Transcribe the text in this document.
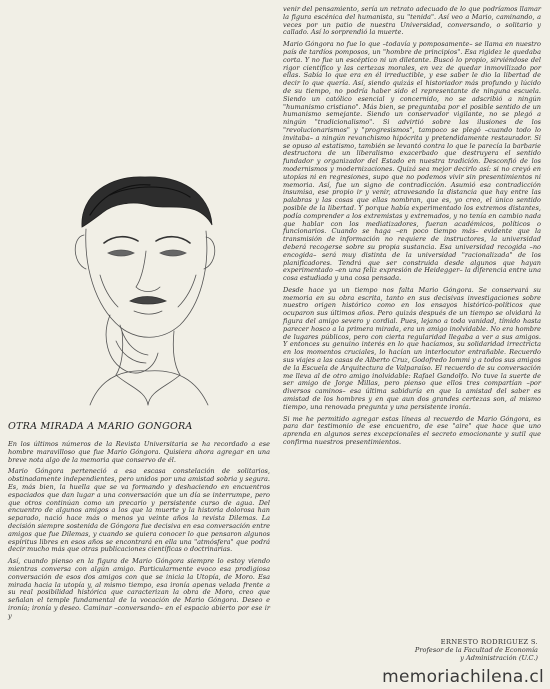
OTRA MIRADA A MARIO GONGORA

En los últimos números de la Revista Universitaria se ha recordado a ese hombre maravilloso que fue Mario Góngora. Quisiera ahora agregar en una breve nota algo de la memoria que conservo de él.

Mario Góngora perteneció a esa escasa constelación de solitarios, obstinadamente independientes, pero unidos por una amistad sobria y segura. Es, más bien, la huella que se va formando y deshaciendo en encuentros espaciados que dan lugar a una conversación que un día se interrumpe, pero que otros continúan como un precario y persistente curso de agua. Del encuentro de algunos amigos a los que la muerte y la historia dolorosa han separado, nació hace más o menos ya veinte años la revista Dilemas. La decisión siempre sostenida de Góngora fue decisiva en esa conversación entre amigos que fue Dilemas, y cuando se quiera conocer lo que pensaron algunos espíritus libres en esos años se encontrará en ella una "atmósfera" que podrá decir mucho más que otras publicaciones científicas o doctrinarias.

Así, cuando pienso en la figura de Mario Góngora siempre lo estoy viendo mientras conversa con algún amigo. Particularmente evoco esa prodigiosa conversación de esos dos amigos con que se inicia la Utopía, de Moro. Esa mirada hacia la utopía y, al mismo tiempo, esa ironía apenas velada frente a su real posibilidad histórica que caracterizan la obra de Moro, creo que señalan el temple fundamental de la vocación de Mario Góngora. Deseo e ironía; ironía y deseo. Caminar –conversando– en el espacio abierto por ese ir y

venir del pensamiento, sería un retrato adecuado de lo que podríamos llamar la figura escénica del humanista, su "tenida". Así veo a Mario, caminando, a veces por un patio de nuestra Universidad, conversando, o solitario y callado. Así lo sorprendió la muerte.

Mario Góngora no fue lo que –todavía y pomposamente– se llama en nuestro país de tardíos pomposos, un "hombre de principios". Esa rigidez le quedaba corta. Y no fue un escéptico ni un diletante. Buscó lo propio, sirviéndose del rigor científico y las certezas morales, en vez de quedar inmovilizado por ellas. Sabía lo que era en él irreductible, y ese saber le dio la libertad de decir lo que quería. Así, siendo quizás el historiador más profundo y lúcido de su tiempo, no podría haber sido el representante de ninguna escuela. Siendo un católico esencial y concernido, no se adscribió a ningún "humanismo cristiano". Más bien, se preguntaba por el posible sentido de un humanismo semejante. Siendo un conservador vigilante, no se plegó a ningún "tradicionalismo". Si advirtió sobre las ilusiones de los "revolucionarismos" y "progresismos", tampoco se plegó –cuando todo lo invitaba– a ningún revanchismo hipócrita y pretendidamente restaurador. Si se opuso al estatismo, también se levantó contra lo que le parecía la barbarie destructora de un liberalismo exacerbado que destruyera el sentido fundador y organizador del Estado en nuestra tradición. Desconfió de los modernismos y modernizaciones. Quizá sea mejor decirlo así: si no creyó en utopías ni en regresiones, supo que no podemos vivir sin presentimientos ni memoria. Así, fue un signo de contradicción. Asumió esa contradicción insumisa, ese propio ir y venir, atravesando la distancia que hay entre las palabras y las cosas que ellas nombran, que es, yo creo, el único sentido posible de la libertad. Y porque había experimentado los extremos distantes, podía comprender a los extremistas y extremados, y no tenía en cambio nada que hablar con los mediatizadores, fueran académicos, políticos o funcionarios. Cuando se haga –en poco tiempo más– evidente que la transmisión de información no requiere de instructores, la universidad deberá recogerse sobre su propia sustancia. Esa universidad recogida –no encogida– será muy distinta de la universidad "racionalizada" de los planificadores. Tendrá que ser construida desde algunos que hayan experimentado –en una feliz expresión de Heidegger– la diferencia entre una cosa estudiada y una cosa pensada.

Desde hace ya un tiempo nos falta Mario Góngora. Se conservará su memoria en su obra escrita, tanto en sus decisivas investigaciones sobre nuestro origen histórico como en los ensayos histórico-políticos que ocuparon sus últimos años. Pero quizás después de un tiempo se olvidará la figura del amigo severo y cordial. Pues, lejano a toda vanidad, tímido hasta parecer hosco a la primera mirada, era un amigo inolvidable. No era hombre de lugares públicos, pero con cierta regularidad llegaba a ver a sus amigos. Y entonces su genuino interés en lo que hacíamos, su solidaridad irrectricta en los momentos cruciales, lo hacían un interlocutor entrañable. Recuerdo sus viajes a las casas de Alberto Cruz, Godofredo Iommi y a todos sus amigos de la Escuela de Arquitectura de Valparaíso. El recuerdo de su conversación me lleva al de otro amigo inolvidable: Rafael Gandolfo. No tuve la suerte de ser amigo de Jorge Millas, pero pienso que ellos tres compartían –por diversos caminos– esa última sabiduría en que la amistad del saber es amistad de los hombres y en que aun dos grandes certezas son, al mismo tiempo, una renovada pregunta y una persistente ironía.

Si me he permitido agregar estas líneas al recuerdo de Mario Góngora, es para dar testimonio de ese encuentro, de ese "aire" que hace que uno aprenda en algunos seres excepcionales el secreto emocionante y sutil que confirma nuestros presentimientos.

ERNESTO RODRIGUEZ S.
Profesor de la Facultad de Economía
y Administración (U.C.)
memoriachilena.cl
